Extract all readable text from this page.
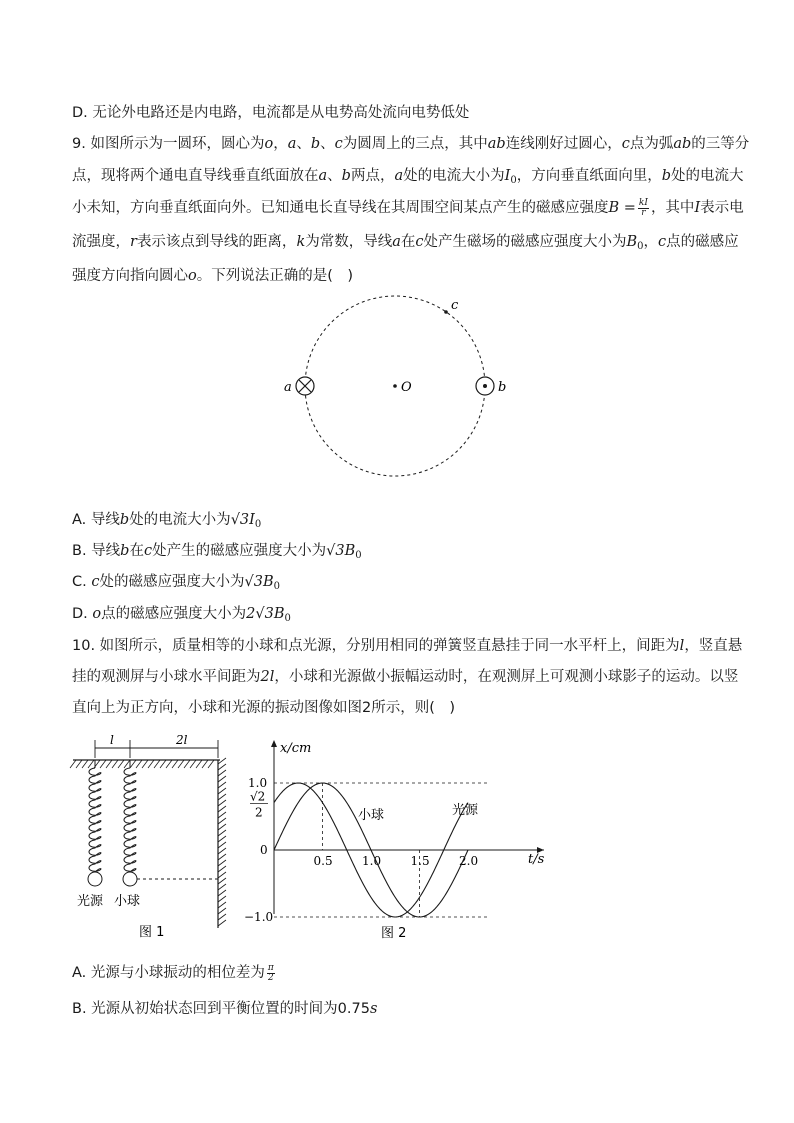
D. 无论外电路还是内电路，电流都是从电势高处流向电势低处
9. 如图所示为一圆环，圆心为o，a、b、c为圆周上的三点，其中ab连线刚好过圆心，c点为弧ab的三等分
点，现将两个通电直导线垂直纸面放在a、b两点，a处的电流大小为$I_0$，方向垂直纸面向里，b处的电流大
小未知，方向垂直纸面向外。已知通电长直导线在其周围空间某点产生的磁感应强度$B = \frac{kI}{r}$ ，其中I表示电
流强度，r表示该点到导线的距离，k为常数，导线a在c处产生磁场的磁感应强度大小为$B_0$，c点的磁感应
强度方向指向圆心o。下列说法正确的是(　)
a	b
c
O
A. 导线b处的电流大小为$√3I_0$
B. 导线b在c处产生的磁感应强度大小为$√3B_0$
C. c处的磁感应强度大小为$√3B_0$
D. o点的磁感应强度大小为$2√3B_0$
10. 如图所示，质量相等的小球和点光源，分别用相同的弹簧竖直悬挂于同一水平杆上，间距为l，竖直悬
挂的观测屏与小球水平间距为2l，小球和光源做小振幅运动时，在观测屏上可观测小球影子的运动。以竖
直向上为正方向，小球和光源的振动图像如图2所示，则(　)
l	2l
光源 小球
图 1
x/cm
t/s
1.0
√2
2
0
−1.0
0.5 1.0 1.5 2.0
小球	光源
图 2
A. 光源与小球振动的相位差为 $\frac{\pi}{2}$
B. 光源从初始状态回到平衡位置的时间为0.75s
